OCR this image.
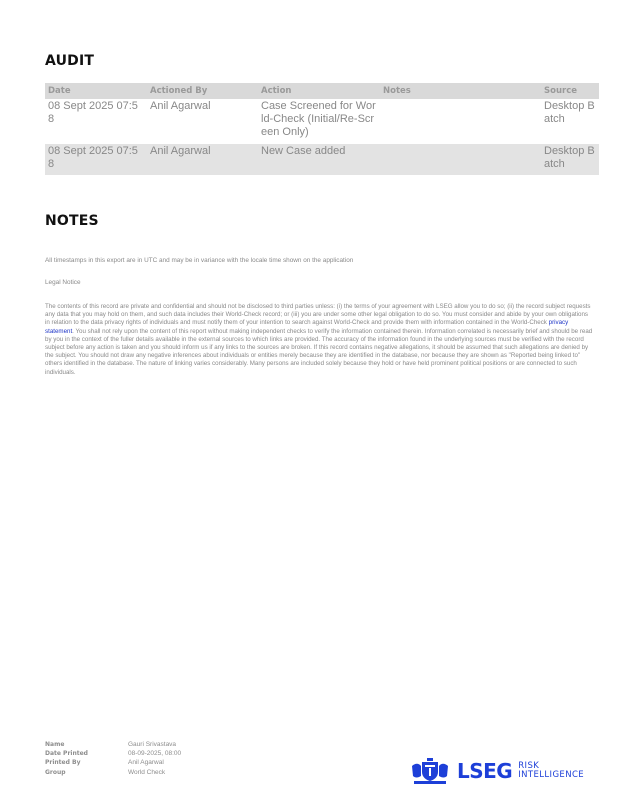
AUDIT
Date	Actioned By	Action	Notes	Source
08 Sept 2025 07:58	Anil Agarwal	Case Screened for World-Check (Initial/Re-Screen Only)		Desktop Batch
08 Sept 2025 07:58	Anil Agarwal	New Case added		Desktop Batch
NOTES
All timestamps in this export are in UTC and may be in variance with the locale time shown on the application
Legal Notice
The contents of this record are private and confidential and should not be disclosed to third parties unless: (i) the terms of your agreement with LSEG allow you to do so; (ii) the record subject requests any data that you may hold on them, and such data includes their World-Check record; or (iii) you are under some other legal obligation to do so. You must consider and abide by your own obligations in relation to the data privacy rights of individuals and must notify them of your intention to search against World-Check and provide them with information contained in the World-Check privacy statement. You shall not rely upon the content of this report without making independent checks to verify the information contained therein. Information correlated is necessarily brief and should be read by you in the context of the fuller details available in the external sources to which links are provided. The accuracy of the information found in the underlying sources must be verified with the record subject before any action is taken and you should inform us if any links to the sources are broken. If this record contains negative allegations, it should be assumed that such allegations are denied by the subject. You should not draw any negative inferences about individuals or entities merely because they are identified in the database, nor because they are shown as "Reported being linked to" others identified in the database. The nature of linking varies considerably. Many persons are included solely because they hold or have held prominent political positions or are connected to such individuals.
Name	Gauri Srivastava
Date Printed	08-09-2025, 08:00
Printed By	Anil Agarwal
Group	World Check	LSEG RISK
INTELLIGENCE
